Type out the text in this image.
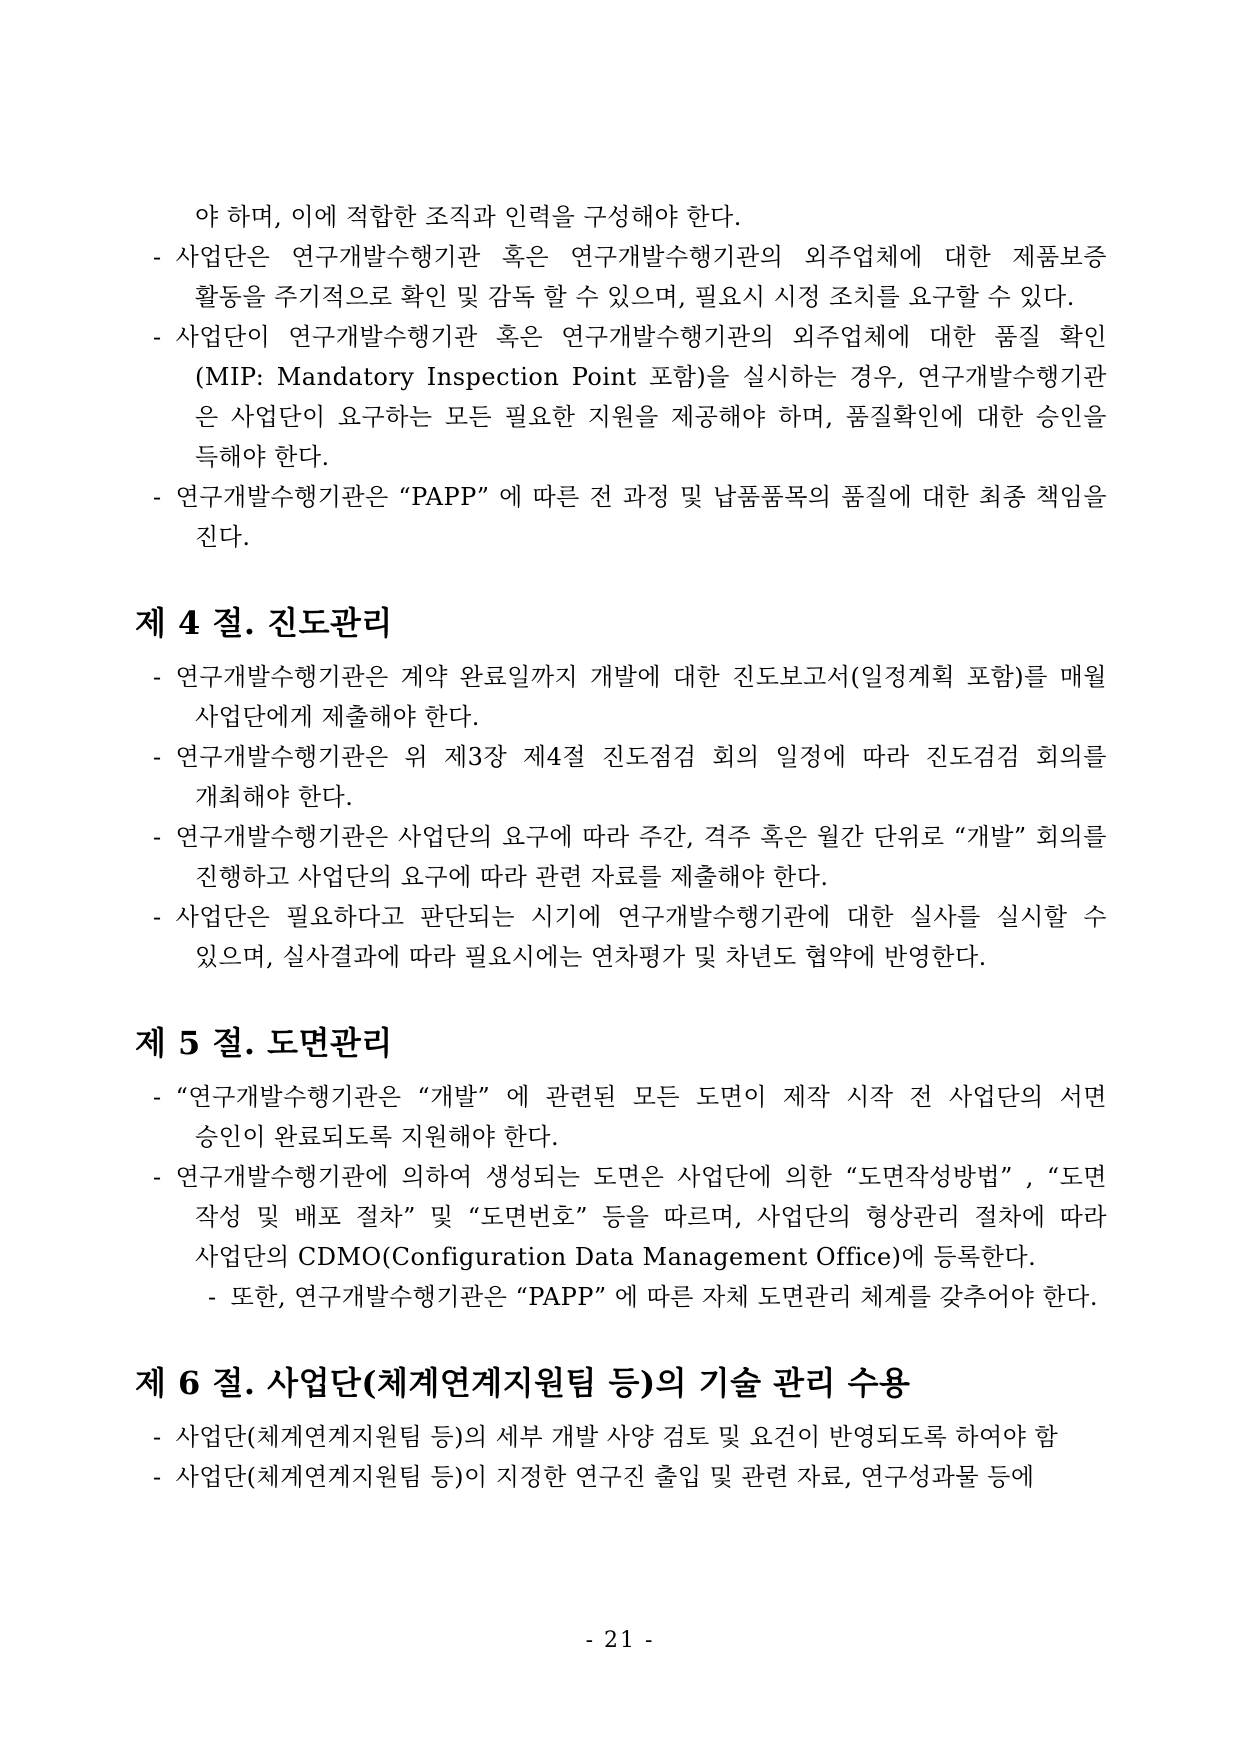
야 하며, 이에 적합한 조직과 인력을 구성해야 한다.

- 사업단은 연구개발수행기관 혹은 연구개발수행기관의 외주업체에 대한 제품보증 활동을 주기적으로 확인 및 감독 할 수 있으며, 필요시 시정 조치를 요구할 수 있다.

- 사업단이 연구개발수행기관 혹은 연구개발수행기관의 외주업체에 대한 품질 확인(MIP: Mandatory Inspection Point 포함)을 실시하는 경우, 연구개발수행기관 은 사업단이 요구하는 모든 필요한 지원을 제공해야 하며, 품질확인에 대한 승인을 득해야 한다.

- 연구개발수행기관은 “PAPP” 에 따른 전 과정 및 납품품목의 품질에 대한 최종 책임을 진다.

제 4 절. 진도관리

- 연구개발수행기관은 계약 완료일까지 개발에 대한 진도보고서(일정계획 포함)를 매월 사업단에게 제출해야 한다.

- 연구개발수행기관은 위 제3장 제4절 진도점검 회의 일정에 따라 진도검검 회의를 개최해야 한다.

- 연구개발수행기관은 사업단의 요구에 따라 주간, 격주 혹은 월간 단위로 “개발” 회의를 진행하고 사업단의 요구에 따라 관련 자료를 제출해야 한다.

- 사업단은 필요하다고 판단되는 시기에 연구개발수행기관에 대한 실사를 실시할 수 있으며, 실사결과에 따라 필요시에는 연차평가 및 차년도 협약에 반영한다.

제 5 절. 도면관리

- “연구개발수행기관은 “개발” 에 관련된 모든 도면이 제작 시작 전 사업단의 서면 승인이 완료되도록 지원해야 한다.

- 연구개발수행기관에 의하여 생성되는 도면은 사업단에 의한 “도면작성방법” , “도면 작성 및 배포 절차” 및 “도면번호” 등을 따르며, 사업단의 형상관리 절차에 따라 사업단의 CDMO(Configuration Data Management Office)에 등록한다.

- 또한, 연구개발수행기관은 “PAPP” 에 따른 자체 도면관리 체계를 갖추어야 한다.

제 6 절. 사업단(체계연계지원팀 등)의 기술 관리 수용

- 사업단(체계연계지원팀 등)의 세부 개발 사양 검토 및 요건이 반영되도록 하여야 함

- 사업단(체계연계지원팀 등)이 지정한 연구진 출입 및 관련 자료, 연구성과물 등에

- 21 -
